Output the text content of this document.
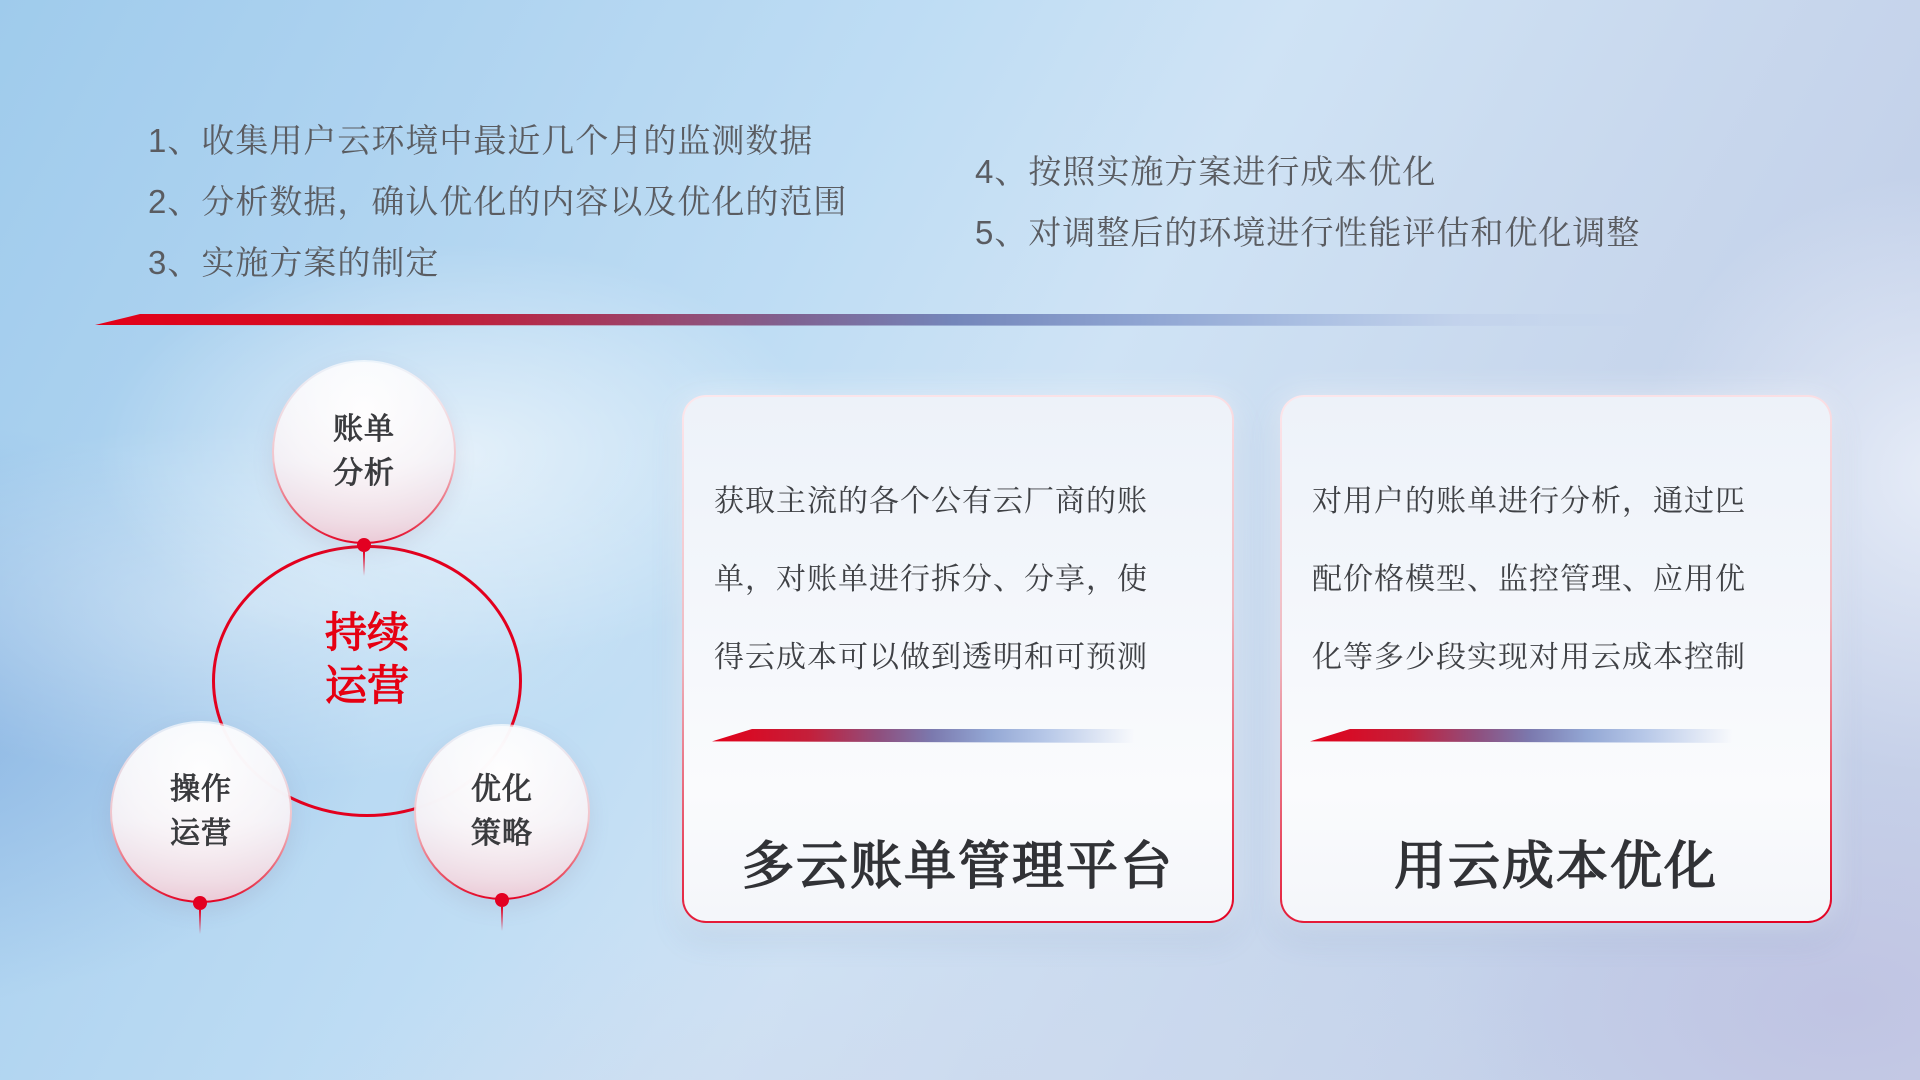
1、收集用户云环境中最近几个月的监测数据
2、分析数据，确认优化的内容以及优化的范围
3、实施方案的制定
4、按照实施方案进行成本优化
5、对调整后的环境进行性能评估和优化调整
持续
运营
账单
分析
操作
运营
优化
策略
获取主流的各个公有云厂商的账单，对账单进行拆分、分享，使得云成本可以做到透明和可预测
多云账单管理平台
对用户的账单进行分析，通过匹配价格模型、监控管理、应用优化等多少段实现对用云成本控制
用云成本优化
